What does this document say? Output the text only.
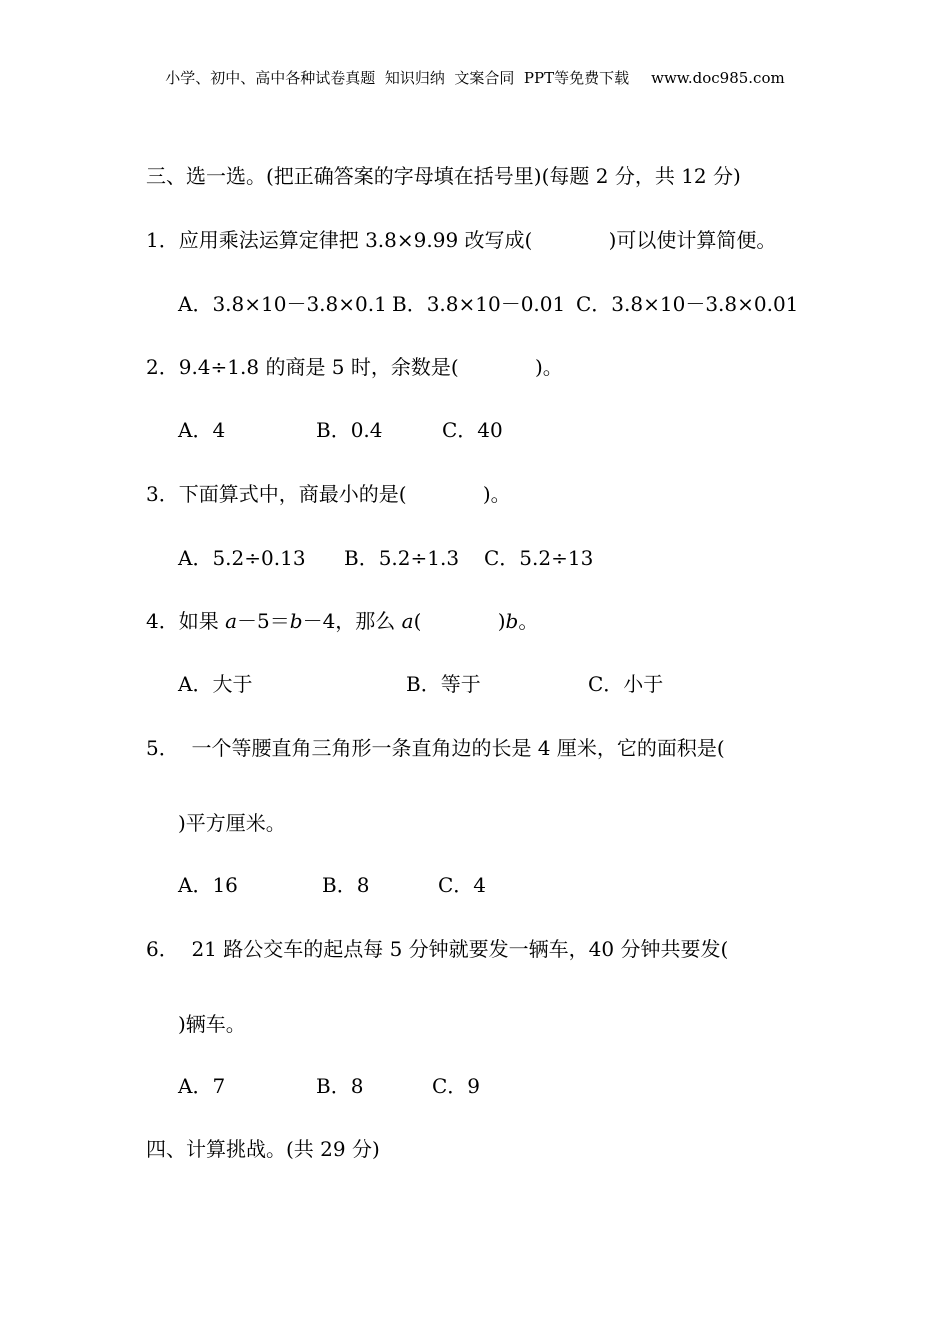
小学、初中、高中各种试卷真题  知识归纳  文案合同  PPT等免费下载 www.doc985.com
三、选一选。(把正确答案的字母填在括号里)(每题 2 分，共 12 分)
1．应用乘法运算定律把 3.8×9.99 改写成(            )可以使计算简便。
A．3.8×10－3.8×0.1 B．3.8×10－0.01 C．3.8×10－3.8×0.01
2．9.4÷1.8 的商是 5 时，余数是(            )。
A．4	B．0.4	C．40
3．下面算式中，商最小的是(            )。
A．5.2÷0.13 B．5.2÷1.3 C．5.2÷13
4．如果 a－5＝b－4，那么 a(            )b。
A．大于	B．等于	C．小于
5．  一个等腰直角三角形一条直角边的长是 4 厘米，它的面积是(
)平方厘米。
A．16	B．8	C．4
6．  21 路公交车的起点每 5 分钟就要发一辆车，40 分钟共要发(
)辆车。
A．7	B．8	C．9
四、计算挑战。(共 29 分)
